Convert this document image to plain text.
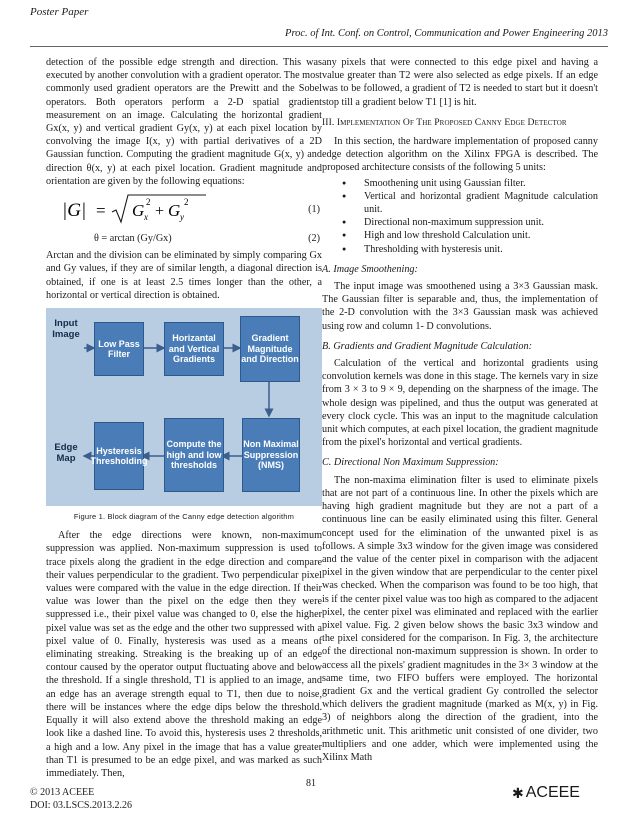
Poster Paper
Proc. of Int. Conf. on Control, Communication and Power Engineering 2013

detection of the possible edge strength and direction. This was executed by another convolution with a gradient operator. The most commonly used gradient operators are the Prewitt and the Sobel operators. Both operators perform a 2-D spatial gradient measurement on an image. Calculating the horizontal gradient Gx(x, y) and vertical gradient Gy(x, y) at each pixel location by convolving the image I(x, y) with partial derivatives of a 2D Gaussian function. Computing the gradient magnitude G(x, y) and direction θ(x, y) at each pixel location. Gradient magnitude and orientation are given by the following equations:

|G| = G x
2
+ G y
2
(1)
θ = arctan (Gy/Gx)	(2)

Arctan and the division can be eliminated by simply comparing Gx and Gy values, if they are of similar length, a diagonal direction is obtained, if one is at least 2.5 times longer than the other, a horizontal or vertical direction is obtained.

Input Image
Edge Map
Low Pass Filter
Horizantal and Vertical Gradients
Gradient Magnitude and Direction
Hysteresis Thresholding
Compute the high and low thresholds
Non Maximal Suppression (NMS)
Figure 1. Block diagram of the Canny edge detection algorithm

After the edge directions were known, non-maximum suppression was applied. Non-maximum suppression is used to trace pixels along the gradient in the edge direction and compare their values perpendicular to the gradient. Two perpendicular pixel values were compared with the value in the edge direction. If their value was lower than the pixel on the edge then they were suppressed i.e., their pixel value was changed to 0, else the higher pixel value was set as the edge and the other two suppressed with a pixel value of 0. Finally, hysteresis was used as a means of eliminating streaking. Streaking is the breaking up of an edge contour caused by the operator output fluctuating above and below the threshold. If a single threshold, T1 is applied to an image, and an edge has an average strength equal to T1, then due to noise, there will be instances where the edge dips below the threshold. Equally it will also extend above the threshold making an edge look like a dashed line. To avoid this, hysteresis uses 2 thresholds, a high and a low. Any pixel in the image that has a value greater than T1 is presumed to be an edge pixel, and was marked as such immediately. Then,

any pixels that were connected to this edge pixel and having a value greater than T2 were also selected as edge pixels. If an edge was to be followed, a gradient of T2 is needed to start but it doesn't stop till a gradient below T1 [1] is hit.

III. Implementation Of The Proposed Canny Edge Detector

In this section, the hardware implementation of proposed canny edge detection algorithm on the Xilinx FPGA is described. The proposed architecture consists of the following 5 units:

● Smoothening unit using Gaussian filter.
● Vertical and horizontal gradient Magnitude calculation unit.
● Directional non-maximum suppression unit.
● High and low threshold Calculation unit.
● Thresholding with hysteresis unit.
A. Image Smoothening:

The input image was smoothened using a 3×3 Gaussian mask. The Gaussian filter is separable and, thus, the implementation of the 2-D convolution with the 3×3 Gaussian mask was achieved using row and column 1- D convolutions.

B. Gradients and Gradient Magnitude Calculation:

Calculation of the vertical and horizontal gradients using convolution kernels was done in this stage. The kernels vary in size from 3 × 3 to 9 × 9, depending on the sharpness of the image. The whole design was pipelined, and thus the output was generated at every clock cycle. This was an input to the magnitude calculation unit which computes, at each pixel location, the gradient magnitude from the pixel's horizontal and vertical gradients.

C. Directional Non Maximum Suppression:

The non-maxima elimination filter is used to eliminate pixels that are not part of a continuous line. In other the pixels which are having high gradient magnitude but they are not a part of a continuous line can be easily eliminated using this filter. General concept used for the elimination of the unwanted pixel is as follows. A simple 3x3 window for the given image was considered and the value of the center pixel in comparison with the adjacent pixel in the given window that are perpendicular to the center pixel was checked. When the comparison was found to be too high, that is if the center pixel value was too high as compared to the adjacent pixel, the center pixel was eliminated and replaced with the earlier pixel value. Fig. 2 given below shows the basic 3x3 window and the pixel considered for the comparison. In Fig. 3, the architecture of the directional non-maximum suppression is shown. In order to access all the pixels' gradient magnitudes in the 3× 3 window at the same time, two FIFO buffers were employed. The horizontal gradient Gx and the vertical gradient Gy controlled the selector which delivers the gradient magnitude (marked as M(x, y) in Fig. 3) of neighbors along the direction of the gradient, into the arithmetic unit. This arithmetic unit consisted of one divider, two multipliers and one adder, which were implemented using the Xilinx Math

© 2013 ACEEE
DOI: 03.LSCS.2013.2.26
81
✱ ACEEE
